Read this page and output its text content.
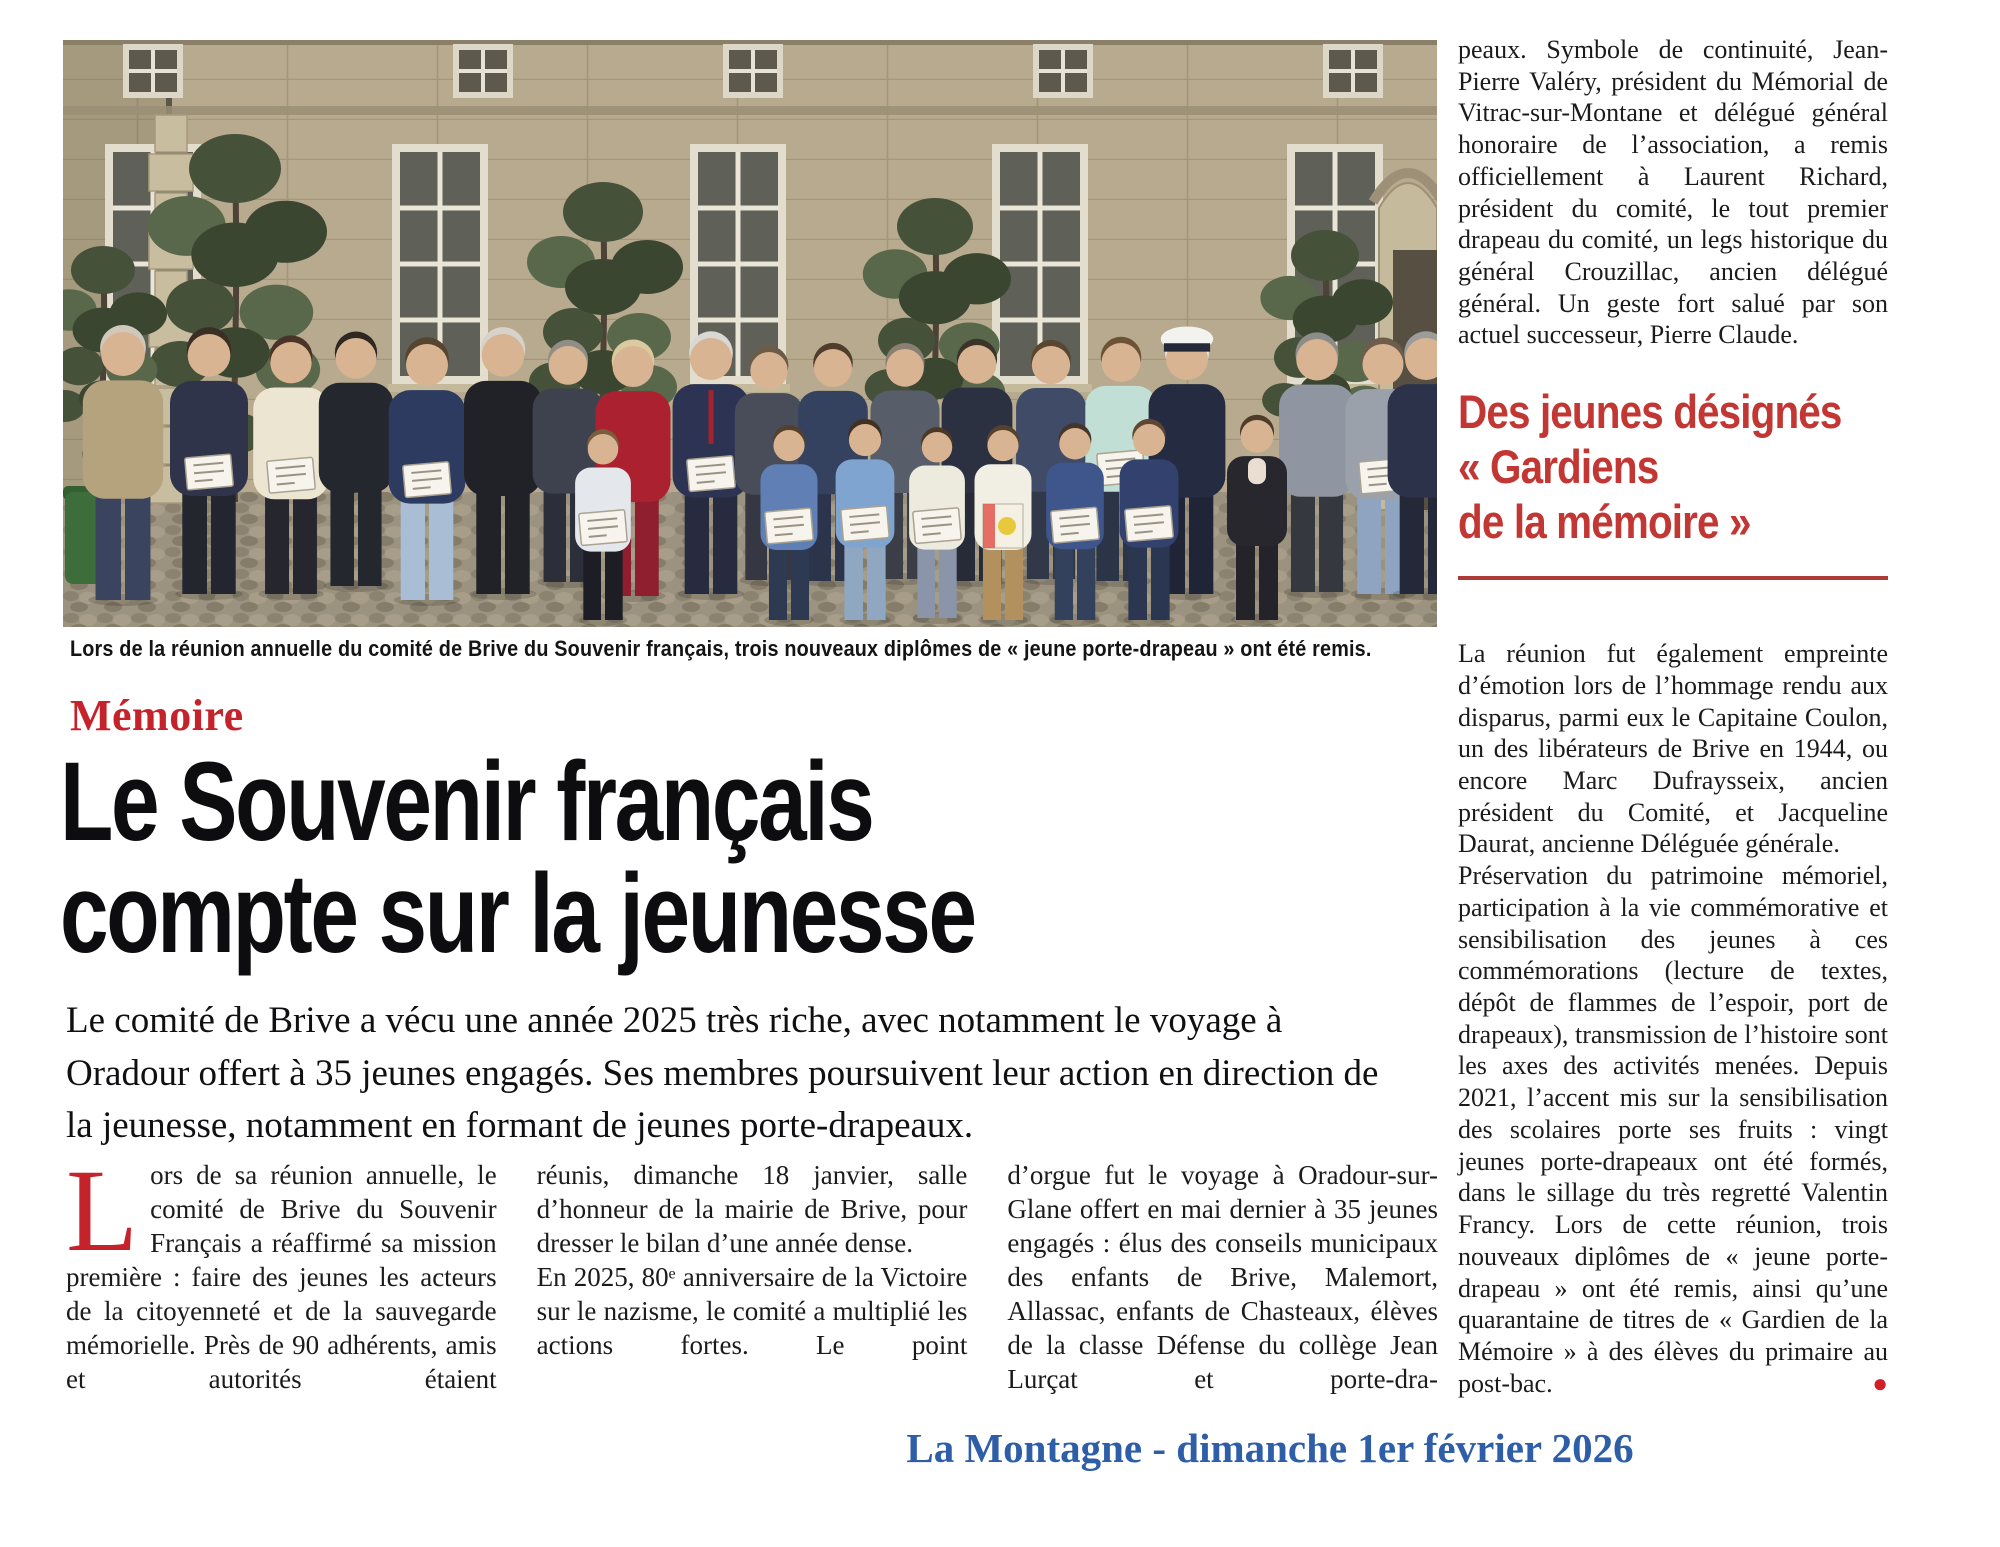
Lors de la réunion annuelle du comité de Brive du Souvenir français, trois nouveaux diplômes de « jeune porte-drapeau » ont été remis.
Mémoire
Le Souvenir français
compte sur la jeunesse

Le comité de Brive a vécu une année 2025 très riche, avec notamment le voyage à Oradour offert à 35 jeunes engagés. Ses membres poursuivent leur action en direction de la jeunesse, notamment en formant de jeunes porte-drapeaux.

Lors de sa réunion annuelle, le comité de Brive du Souvenir Français a réaffirmé sa mission première : faire des jeunes les acteurs de la citoyenneté et de la sauvegarde mémorielle. Près de 90 adhérents, amis et autorités étaient

réunis, dimanche 18 janvier, salle d’honneur de la mairie de Brive, pour dresser le bilan d’une année dense.

En 2025, 80ᵉ anniversaire de la Victoire sur le nazisme, le comité a multiplié les actions fortes. Le point

d’orgue fut le voyage à Oradour-sur-Glane offert en mai dernier à 35 jeunes engagés : élus des conseils municipaux des enfants de Brive, Malemort, Allassac, enfants de Chasteaux, élèves de la classe Défense du collège Jean Lurçat et porte-dra-

peaux. Symbole de continuité, Jean-Pierre Valéry, président du Mémorial de Vitrac-sur-Montane et délégué général honoraire de l’association, a remis officiellement à Laurent Richard, président du comité, le tout premier drapeau du comité, un legs historique du général Crouzillac, ancien délégué général. Un geste fort salué par son actuel successeur, Pierre Claude.

Des jeunes désignés
« Gardiens
de la mémoire »

La réunion fut également empreinte d’émotion lors de l’hommage rendu aux disparus, parmi eux le Capitaine Coulon, un des libérateurs de Brive en 1944, ou encore Marc Dufraysseix, ancien président du Comité, et Jacqueline Daurat, ancienne Déléguée générale.

Préservation du patrimoine mémoriel, participation à la vie commémorative et sensibilisation des jeunes à ces commémorations (lecture de textes, dépôt de flammes de l’espoir, port de drapeaux), transmission de l’histoire sont les axes des activités menées. Depuis 2021, l’accent mis sur la sensibilisation des scolaires porte ses fruits : vingt jeunes porte-drapeaux ont été formés, dans le sillage du très regretté Valentin Francy. Lors de cette réunion, trois nouveaux diplômes de « jeune porte-drapeau » ont été remis, ainsi qu’une quarantaine de titres de « Gardien de la Mémoire » à des élèves du primaire au post-bac.	●

La Montagne - dimanche 1er février 2026
